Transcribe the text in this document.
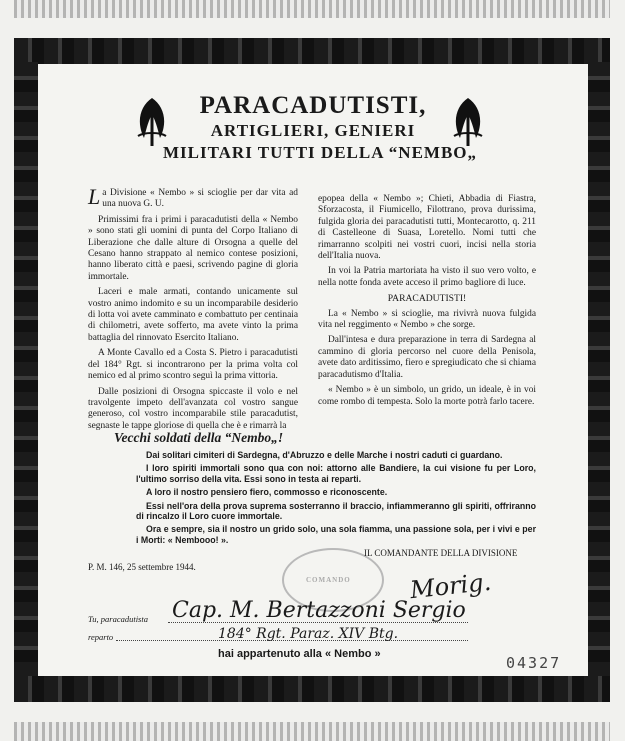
PARACADUTISTI,
ARTIGLIERI, GENIERI
MILITARI TUTTI DELLA “NEMBO„

La Divisione « Nembo » si scioglie per dar vita ad una nuova G. U.

Primissimi fra i primi i paracadutisti della « Nembo » sono stati gli uomini di punta del Corpo Italiano di Liberazione che dalle alture di Orsogna a quelle del Cesano hanno strappato al nemico contese posizioni, hanno liberato città e paesi, scrivendo pagine di gloria immortale.

Laceri e male armati, contando unicamente sul vostro animo indomito e su un incomparabile desiderio di lotta voi avete camminato e combattuto per centinaia di chilometri, avete sofferto, ma avete vinto la prima battaglia del rinnovato Esercito Italiano.

A Monte Cavallo ed a Costa S. Pietro i paracadutisti del 184° Rgt. si incontrarono per la prima volta col nemico ed al primo scontro seguì la prima vittoria.

Dalle posizioni di Orsogna spiccaste il volo e nel travolgente impeto dell'avanzata col vostro sangue generoso, col vostro incomparabile stile paracadutist, segnaste le tappe gloriose di quella che è e rimarrà la

epopea della « Nembo »; Chieti, Abbadia di Fiastra, Sforzacosta, il Fiumicello, Filottrano, prova durissima, fulgida gloria dei paracadutisti tutti, Montecarotto, q. 211 di Castelleone di Suasa, Loretello. Nomi tutti che rimarranno scolpiti nei vostri cuori, incisi nella storia dell'Italia nuova.

In voi la Patria martoriata ha visto il suo vero volto, e nella notte fonda avete acceso il primo bagliore di luce.

PARACADUTISTI!

La « Nembo » si scioglie, ma rivivrà nuova fulgida vita nel reggimento « Nembo » che sorge.

Dall'intesa e dura preparazione in terra di Sardegna al cammino di gloria percorso nel cuore della Penisola, avete dato arditissimo, fiero e spregiudicato che si chiama paracadutismo d'Italia.

« Nembo » è un simbolo, un grido, un ideale, è in voi come rombo di tempesta. Solo la morte potrà farlo tacere.

Vecchi soldati della “Nembo„!

Dai solitari cimiteri di Sardegna, d'Abruzzo e delle Marche i nostri caduti ci guardano.

I loro spiriti immortali sono qua con noi: attorno alle Bandiere, la cui visione fu per Loro, l'ultimo sorriso della vita. Essi sono in testa ai reparti.

A loro il nostro pensiero fiero, commosso e riconoscente.

Essi nell'ora della prova suprema sosterranno il braccio, infiammeranno gli spiriti, offriranno di rincalzo il Loro cuore immortale.

Ora e sempre, sia il nostro un grido solo, una sola fiamma, una passione sola, per i vivi e per i Morti: « Nembooo! ».

COMANDO
IL COMANDANTE DELLA DIVISIONE
P. M. 146, 25 settembre 1944.
Morig.
Tu, paracadutista Cap. M. Bertazzoni Sergio
reparto	184° Rgt. Paraz. XIV Btg.
hai appartenuto alla « Nembo »	04327
